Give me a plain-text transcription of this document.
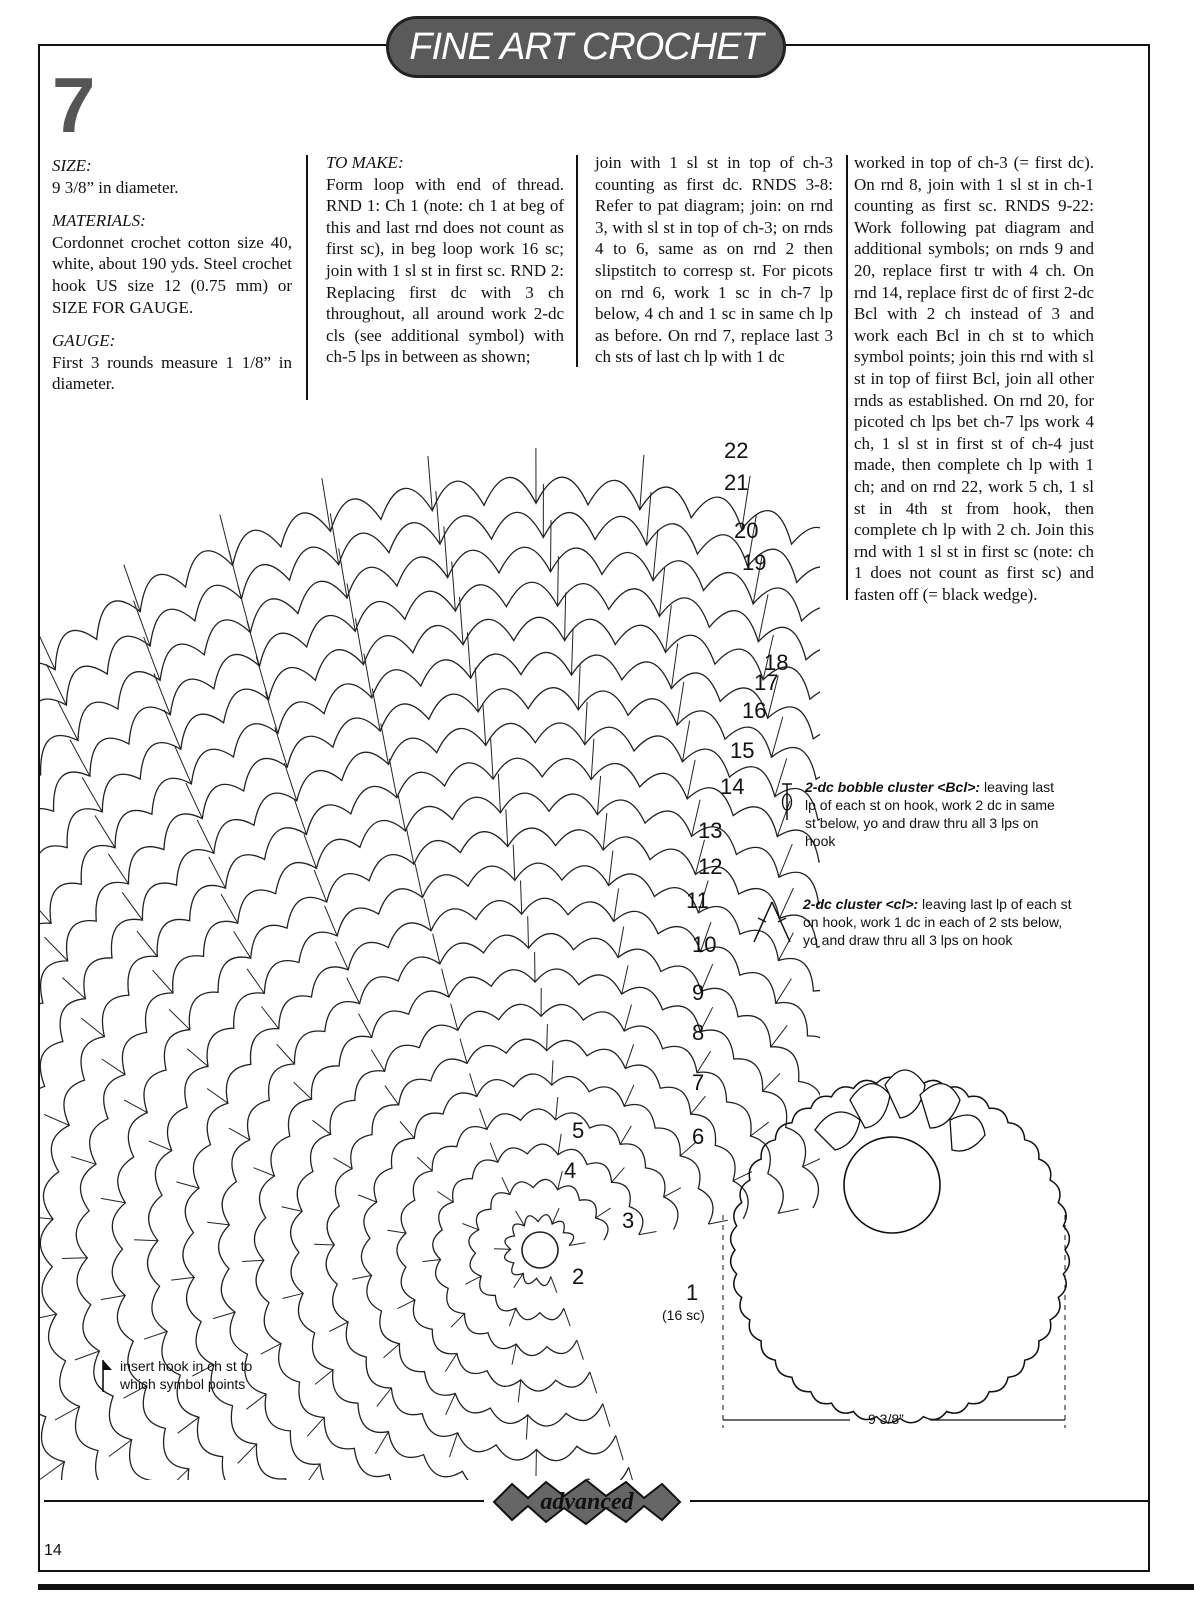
FINE ART CROCHET
7
SIZE:
9 3/8” in diameter.
MATERIALS:
Cordonnet crochet cotton size 40, white, about 190 yds. Steel crochet hook US size 12 (0.75 mm) or SIZE FOR GAUGE.
GAUGE:
First 3 rounds measure 1 1/8” in diameter.
TO MAKE:
Form loop with end of thread. RND 1: Ch 1 (note: ch 1 at beg of this and last rnd does not count as first sc), in beg loop work 16 sc; join with 1 sl st in first sc. RND 2: Replacing first dc with 3 ch throughout, all around work 2-dc cls (see additional symbol) with ch-5 lps in between as shown;
join with 1 sl st in top of ch-3 counting as first dc. RNDS 3-8: Refer to pat diagram; join: on rnd 3, with sl st in top of ch-3; on rnds 4 to 6, same as on rnd 2 then slipstitch to corresp st. For picots on rnd 6, work 1 sc in ch-7 lp below, 4 ch and 1 sc in same ch lp as before. On rnd 7, replace last 3 ch sts of last ch lp with 1 dc
worked in top of ch-3 (= first dc). On rnd 8, join with 1 sl st in ch-1 counting as first sc. RNDS 9-22: Work following pat diagram and additional symbols; on rnds 9 and 20, replace first tr with 4 ch. On rnd 14, replace first dc of first 2-dc Bcl with 2 ch instead of 3 and work each Bcl in ch st to which symbol points; join this rnd with sl st in top of fiirst Bcl, join all other rnds as established. On rnd 20, for picoted ch lps bet ch-7 lps work 4 ch, 1 sl st in first st of ch-4 just made, then complete ch lp with 1 ch; and on rnd 22, work 5 ch, 1 sl st in 4th st from hook, then complete ch lp with 2 ch. Join this rnd with 1 sl st in first sc (note: ch 1 does not count as first sc) and fasten off (= black wedge).
1
2
3
4
5	6
7
8
9
10
11
12
13
14
15
16
17
18
19
20
21
22
(16 sc)
2-dc bobble cluster <Bcl>: leaving last lp of each st on hook, work 2 dc in same st below, yo and draw thru all 3 lps on hook
2-dc cluster <cl>: leaving last lp of each st on hook, work 1 dc in each of 2 sts below, yo and draw thru all 3 lps on hook
insert hook in ch st to which symbol points
9 3/8”
14
advanced
